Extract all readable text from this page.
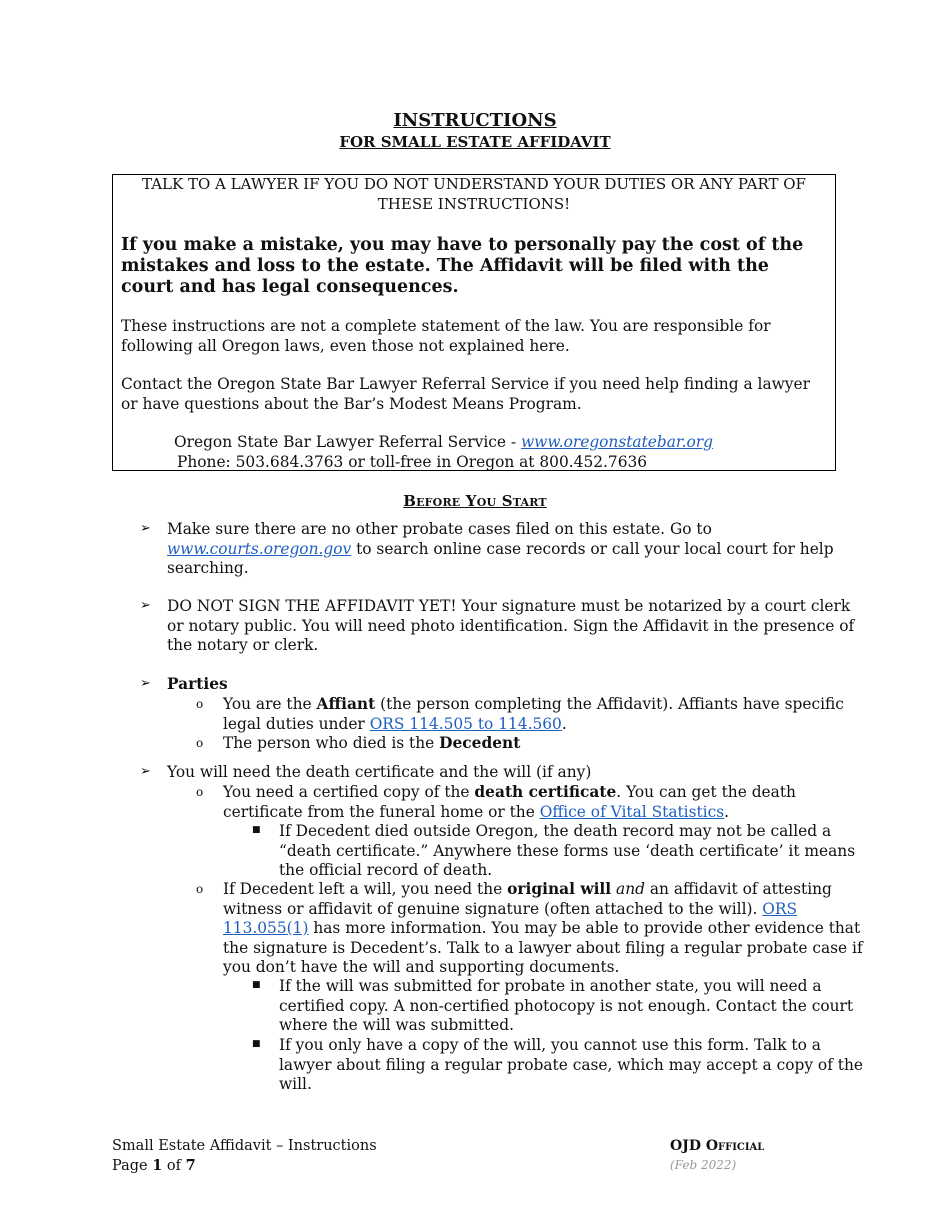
INSTRUCTIONS
FOR SMALL ESTATE AFFIDAVIT

TALK TO A LAWYER IF YOU DO NOT UNDERSTAND YOUR DUTIES OR ANY PART OF
THESE INSTRUCTIONS!

If you make a mistake, you may have to personally pay the cost of the mistakes and loss to the estate. The Affidavit will be filed with the court and has legal consequences.

These instructions are not a complete statement of the law. You are responsible for following all Oregon laws, even those not explained here.

Contact the Oregon State Bar Lawyer Referral Service if you need help finding a lawyer or have questions about the Bar’s Modest Means Program.

Oregon State Bar Lawyer Referral Service - www.oregonstatebar.org
Phone: 503.684.3763 or toll-free in Oregon at 800.452.7636
Before You Start
➢ Make sure there are no other probate cases filed on this estate. Go to
www.courts.oregon.gov to search online case records or call your local court for help
searching.
➢ DO NOT SIGN THE AFFIDAVIT YET! Your signature must be notarized by a court clerk
or notary public. You will need photo identification. Sign the Affidavit in the presence of
the notary or clerk.
➢ Parties
o You are the Affiant (the person completing the Affidavit). Affiants have specific
legal duties under ORS 114.505 to 114.560.
o The person who died is the Decedent
➢ You will need the death certificate and the will (if any)
o You need a certified copy of the death certificate. You can get the death
certificate from the funeral home or the Office of Vital Statistics.
■ If Decedent died outside Oregon, the death record may not be called a
“death certificate.” Anywhere these forms use ‘death certificate’ it means
the official record of death.
o If Decedent left a will, you need the original will and an affidavit of attesting
witness or affidavit of genuine signature (often attached to the will). ORS
113.055(1) has more information. You may be able to provide other evidence that
the signature is Decedent’s. Talk to a lawyer about filing a regular probate case if
you don’t have the will and supporting documents.
■ If the will was submitted for probate in another state, you will need a
certified copy. A non-certified photocopy is not enough. Contact the court
where the will was submitted.
■ If you only have a copy of the will, you cannot use this form. Talk to a
lawyer about filing a regular probate case, which may accept a copy of the
will.
Small Estate Affidavit – Instructions
Page 1 of 7
OJD Official
(Feb 2022)
